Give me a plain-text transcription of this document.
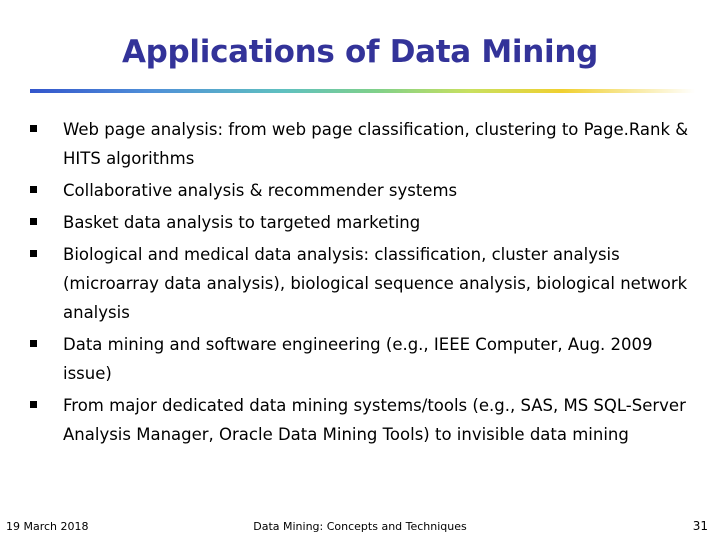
Applications of Data Mining
Web page analysis: from web page classification, clustering to Page.Rank & HITS algorithms
Collaborative analysis & recommender systems
Basket data analysis to targeted marketing
Biological and medical data analysis: classification, cluster analysis (microarray data analysis), biological sequence analysis, biological network analysis
Data mining and software engineering (e.g., IEEE Computer, Aug. 2009 issue)
From major dedicated data mining systems/tools (e.g., SAS, MS SQL-Server Analysis Manager, Oracle Data Mining Tools) to invisible data mining
19 March 2018	Data Mining: Concepts and Techniques	31
